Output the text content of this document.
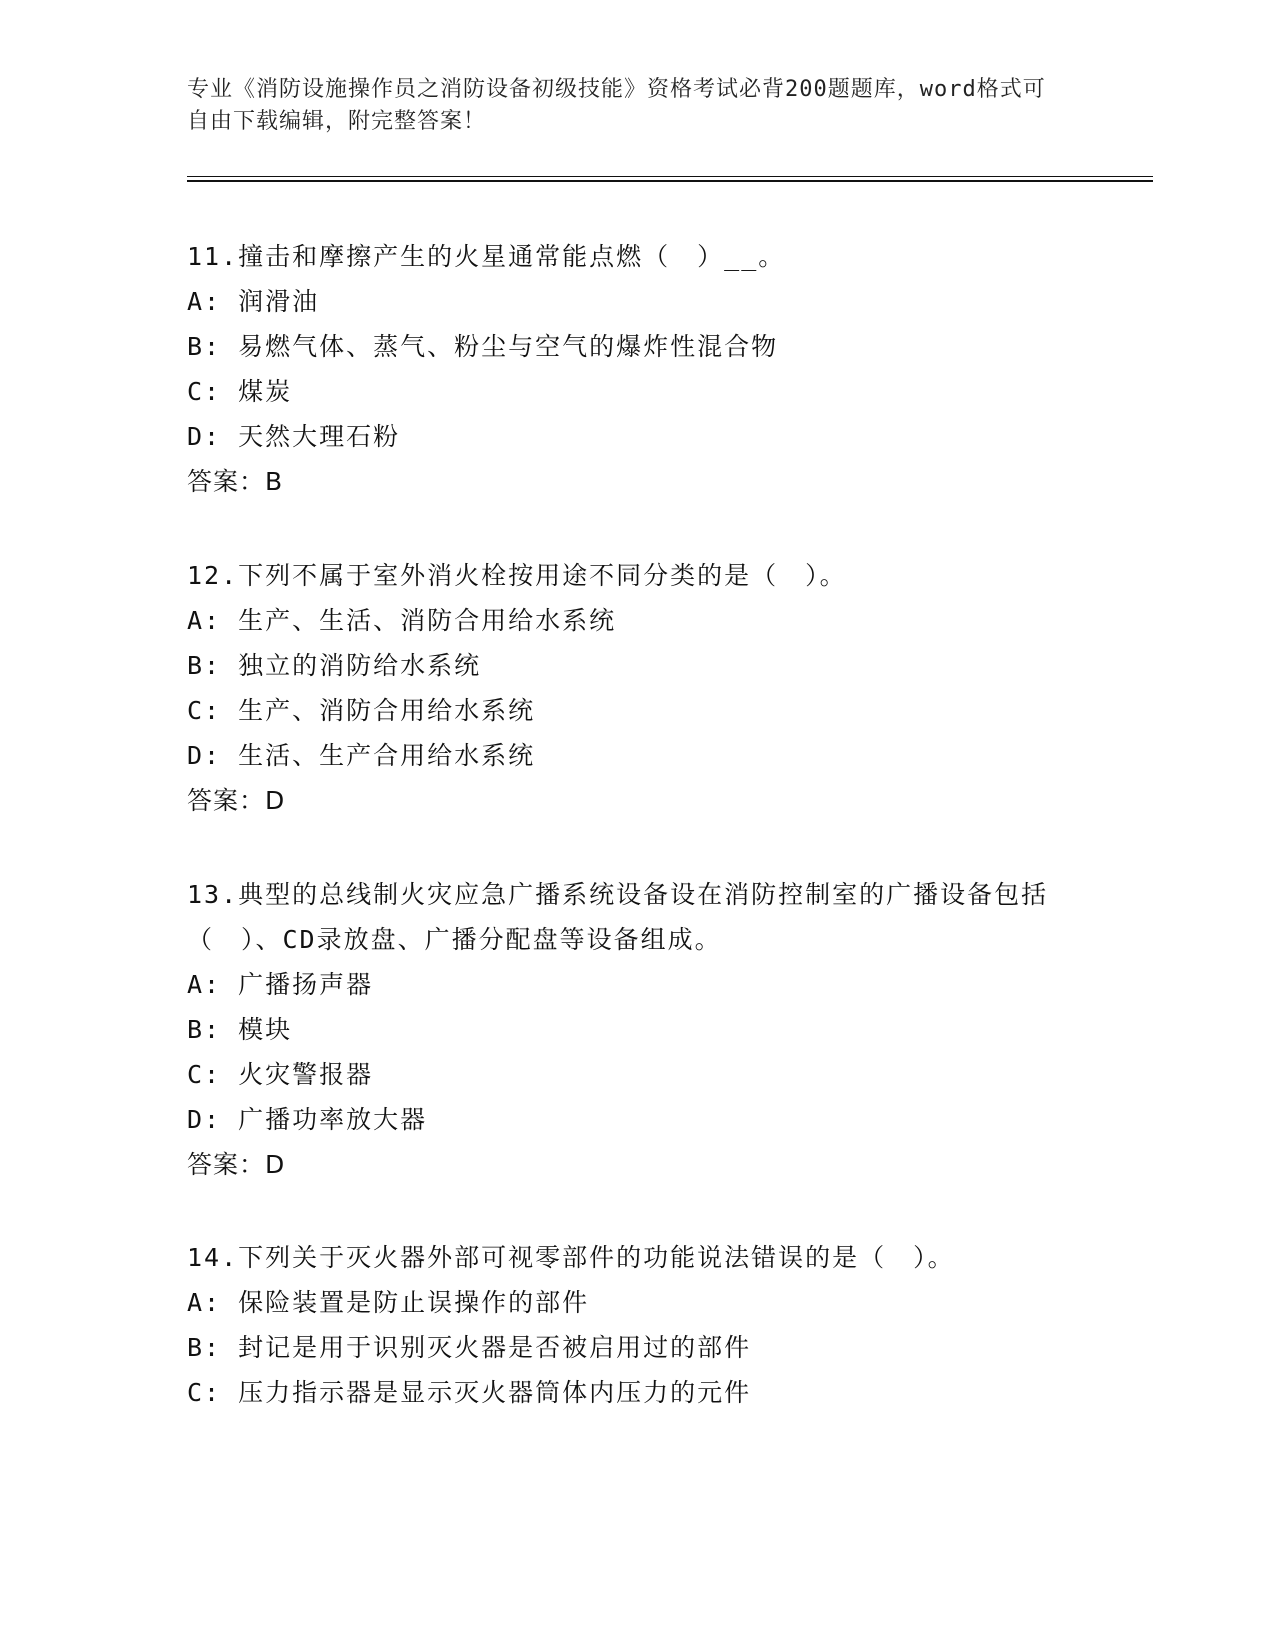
专业《消防设施操作员之消防设备初级技能》资格考试必背200题题库，word格式可自由下载编辑，附完整答案！
11.撞击和摩擦产生的火星通常能点燃（　）__。
A: 润滑油
B: 易燃气体、蒸气、粉尘与空气的爆炸性混合物
C: 煤炭
D: 天然大理石粉
答案：B
12.下列不属于室外消火栓按用途不同分类的是（　）。
A: 生产、生活、消防合用给水系统
B: 独立的消防给水系统
C: 生产、消防合用给水系统
D: 生活、生产合用给水系统
答案：D
13.典型的总线制火灾应急广播系统设备设在消防控制室的广播设备包括（　）、CD录放盘、广播分配盘等设备组成。
A: 广播扬声器
B: 模块
C: 火灾警报器
D: 广播功率放大器
答案：D
14.下列关于灭火器外部可视零部件的功能说法错误的是（　）。
A: 保险装置是防止误操作的部件
B: 封记是用于识别灭火器是否被启用过的部件
C: 压力指示器是显示灭火器筒体内压力的元件
